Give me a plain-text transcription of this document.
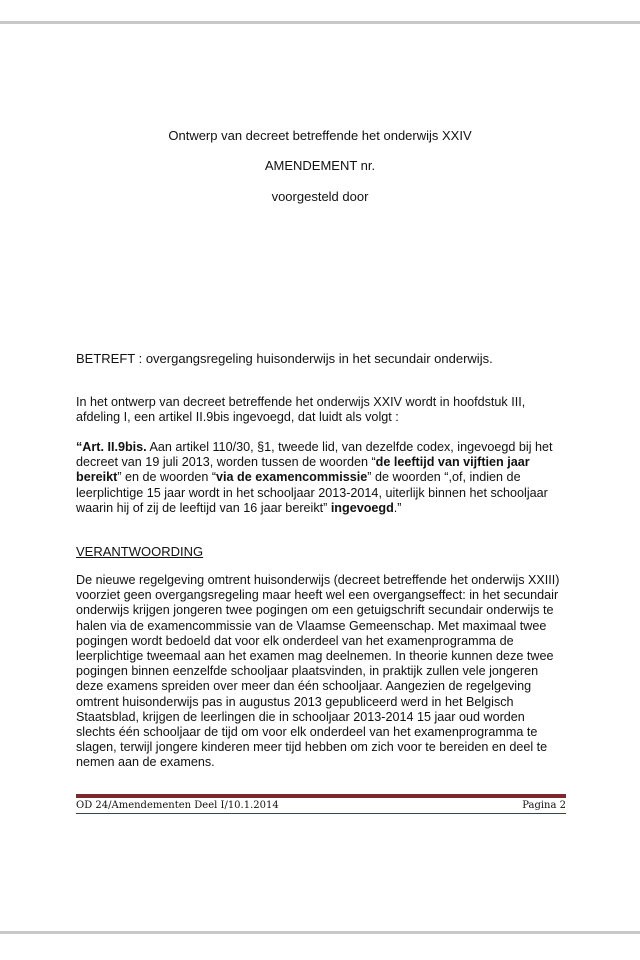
Ontwerp van decreet betreffende het onderwijs XXIV
AMENDEMENT nr.
voorgesteld door
BETREFT : overgangsregeling huisonderwijs in het secundair onderwijs.
In het ontwerp van decreet betreffende het onderwijs XXIV wordt in hoofdstuk III, afdeling I, een artikel II.9bis ingevoegd, dat luidt als volgt :
“Art. II.9bis. Aan artikel 110/30, §1, tweede lid, van dezelfde codex, ingevoegd bij het decreet van 19 juli 2013, worden tussen de woorden “de leeftijd van vijftien jaar bereikt” en de woorden “via de examencommissie” de woorden “,of, indien de leerplichtige 15 jaar wordt in het schooljaar 2013-2014, uiterlijk binnen het schooljaar waarin hij of zij de leeftijd van 16 jaar bereikt” ingevoegd.”
VERANTWOORDING
De nieuwe regelgeving omtrent huisonderwijs (decreet betreffende het onderwijs XXIII) voorziet geen overgangsregeling maar heeft wel een overgangseffect: in het secundair onderwijs krijgen jongeren twee pogingen om een getuigschrift secundair onderwijs te halen via de examencommissie van de Vlaamse Gemeenschap. Met maximaal twee pogingen wordt bedoeld dat voor elk onderdeel van het examenprogramma de leerplichtige tweemaal aan het examen mag deelnemen. In theorie kunnen deze twee pogingen binnen eenzelfde schooljaar plaatsvinden, in praktijk zullen vele jongeren deze examens spreiden over meer dan één schooljaar. Aangezien de regelgeving omtrent huisonderwijs pas in augustus 2013 gepubliceerd werd in het Belgisch Staatsblad, krijgen de leerlingen die in schooljaar 2013-2014 15 jaar oud worden slechts één schooljaar de tijd om voor elk onderdeel van het examenprogramma te slagen, terwijl jongere kinderen meer tijd hebben om zich voor te bereiden en deel te nemen aan de examens.
OD 24/Amendementen Deel I/10.1.2014	Pagina 2
